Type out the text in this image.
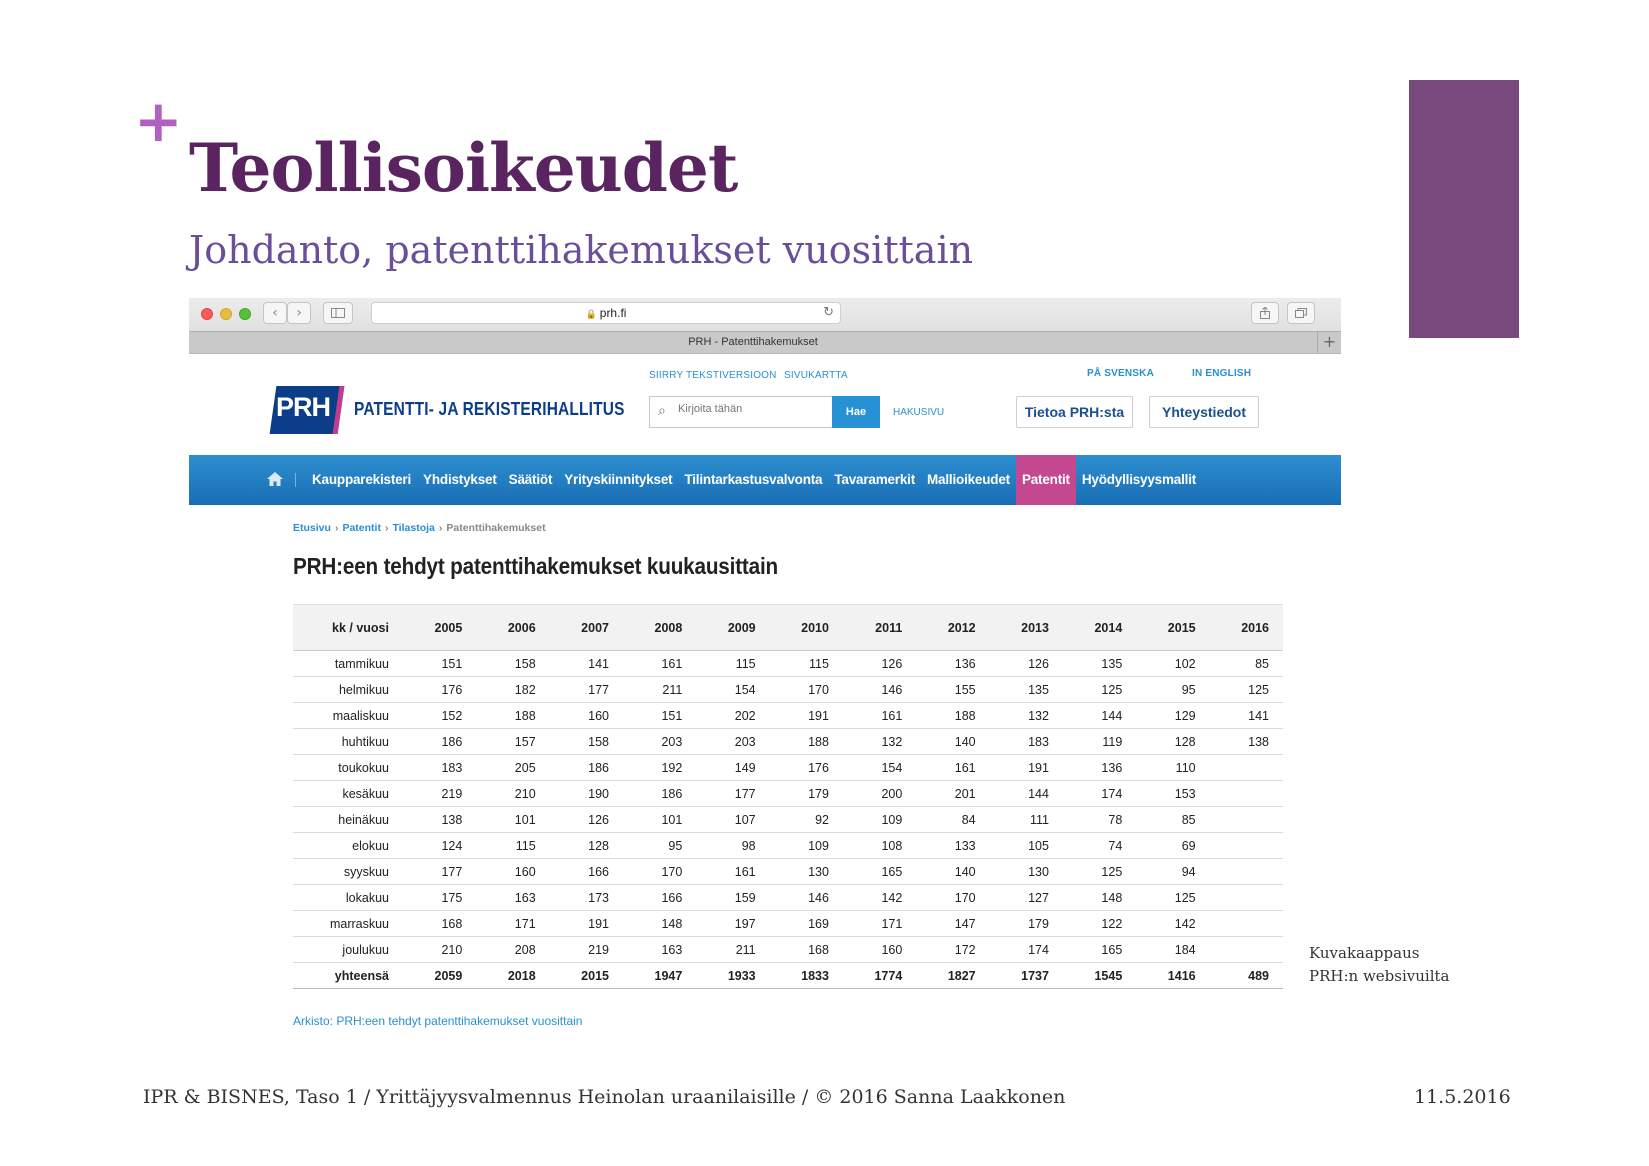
+
Teollisoikeudet
Johdanto, patenttihakemukset vuosittain
‹	›	🔒 prh.fi	↻
PRH - Patenttihakemukset	+
SIIRRY TEKSTIVERSIOON SIVUKARTTA	PÅ SVENSKA	IN ENGLISH
PRH PATENTTI- JA REKISTERIHALLITUS ⌕
Kirjoita tähän	Hae	HAKUSIVU	Tietoa PRH:sta	Yhteystiedot
Kaupparekisteri Yhdistykset Säätiöt Yrityskiinnitykset Tilintarkastusvalvonta Tavaramerkit Mallioikeudet Patentit Hyödyllisyysmallit
Etusivu › Patentit › Tilastoja › Patenttihakemukset
PRH:een tehdyt patenttihakemukset kuukausittain
kk / vuosi	2005	2006	2007	2008	2009	2010	2011	2012	2013	2014	2015	2016
tammikuu	151	158	141	161	115	115	126	136	126	135	102	85
helmikuu	176	182	177	211	154	170	146	155	135	125	95	125
maaliskuu	152	188	160	151	202	191	161	188	132	144	129	141
huhtikuu	186	157	158	203	203	188	132	140	183	119	128	138
toukokuu	183	205	186	192	149	176	154	161	191	136	110	
kesäkuu	219	210	190	186	177	179	200	201	144	174	153	
heinäkuu	138	101	126	101	107	92	109	84	111	78	85	
elokuu	124	115	128	95	98	109	108	133	105	74	69	
syyskuu	177	160	166	170	161	130	165	140	130	125	94	
lokakuu	175	163	173	166	159	146	142	170	127	148	125	
marraskuu	168	171	191	148	197	169	171	147	179	122	142	
joulukuu	210	208	219	163	211	168	160	172	174	165	184	
yhteensä	2059	2018	2015	1947	1933	1833	1774	1827	1737	1545	1416	489
Arkisto: PRH:een tehdyt patenttihakemukset vuosittain
Kuvakaappaus
PRH:n websivuilta
IPR & BISNES, Taso 1 / Yrittäjyysvalmennus Heinolan uraanilaisille / © 2016 Sanna Laakkonen	11.5.2016
